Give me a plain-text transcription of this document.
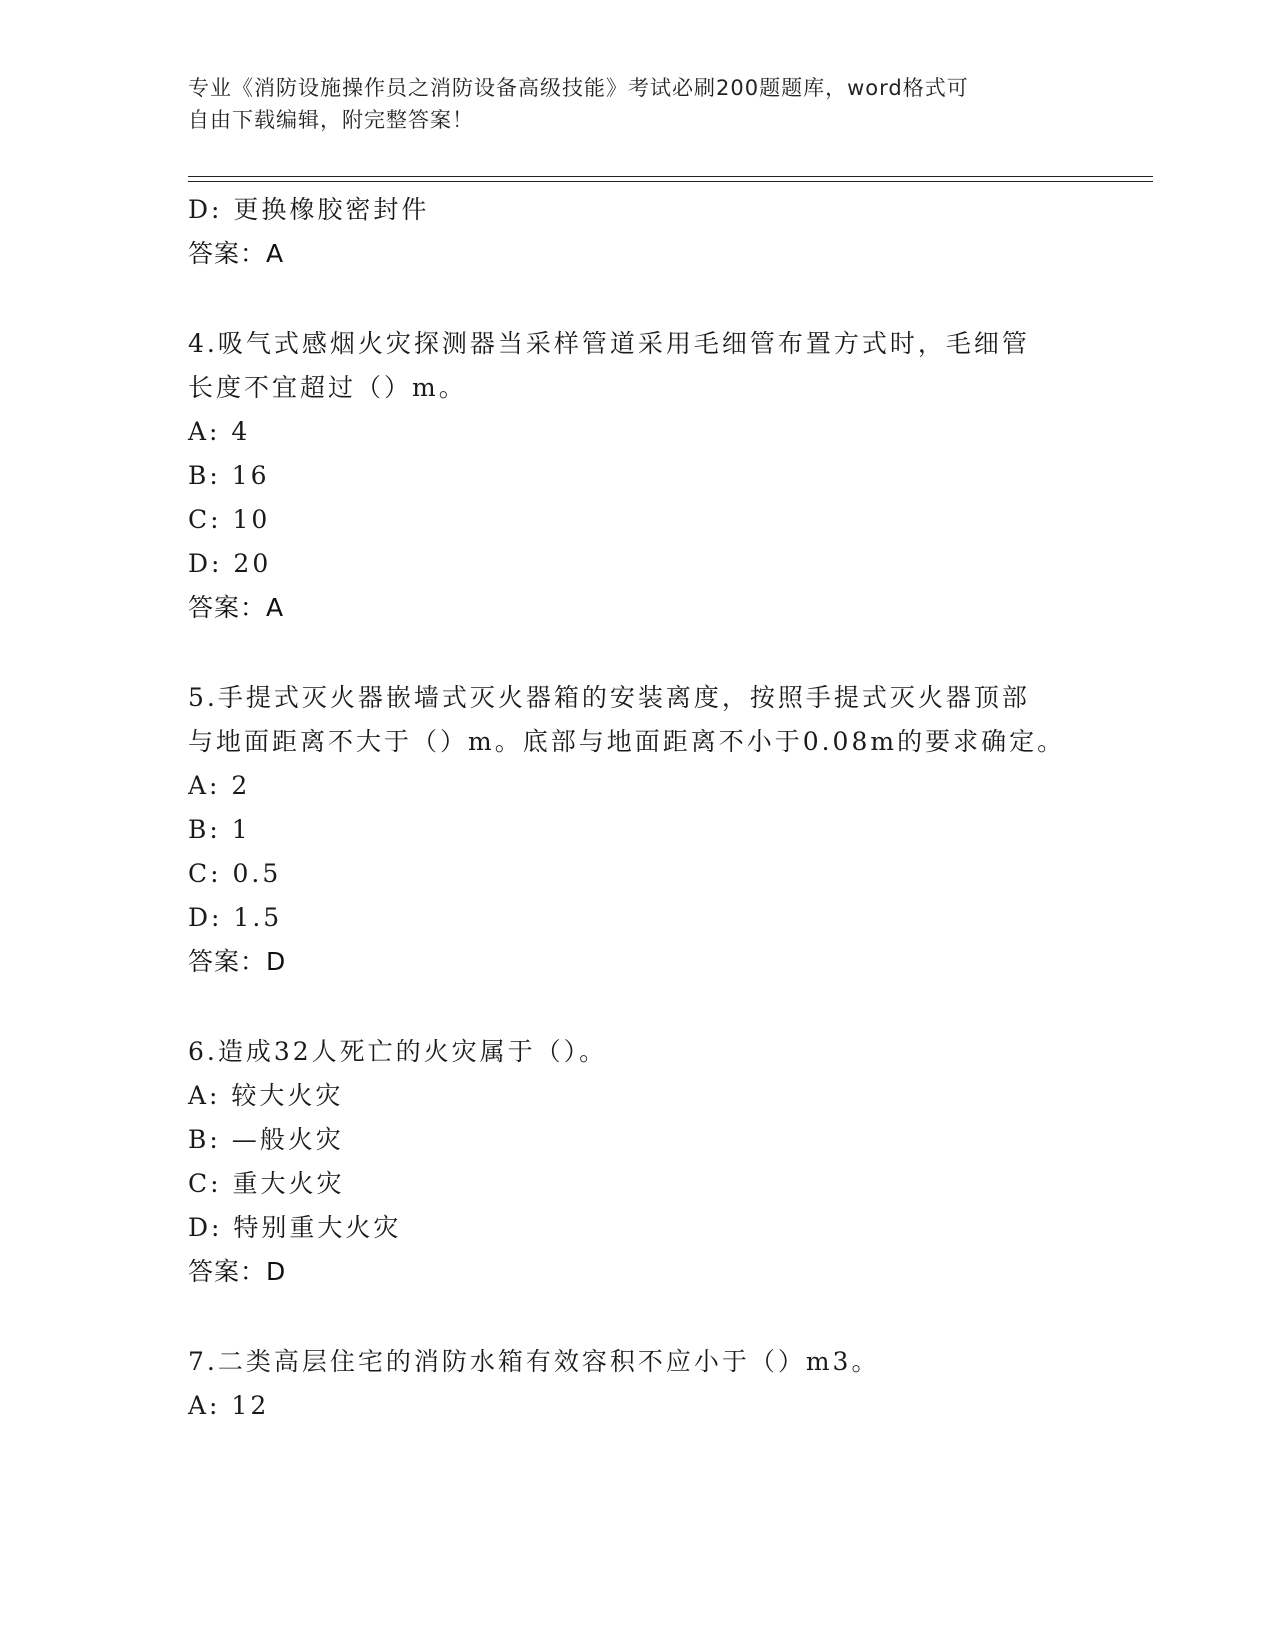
专业《消防设施操作员之消防设备高级技能》考试必刷200题题库，word格式可
自由下载编辑，附完整答案！
D: 更换橡胶密封件
答案：A
4.吸气式感烟火灾探测器当采样管道采用毛细管布置方式时，毛细管
长度不宜超过（）m。
A: 4
B: 16
C: 10
D: 20
答案：A
5.手提式灭火器嵌墙式灭火器箱的安装离度，按照手提式灭火器顶部
与地面距离不大于（）m。底部与地面距离不小于0.08m的要求确定。
A: 2
B: 1
C: 0.5
D: 1.5
答案：D
6.造成32人死亡的火灾属于（）。
A: 较大火灾
B: —般火灾
C: 重大火灾
D: 特别重大火灾
答案：D
7.二类高层住宅的消防水箱有效容积不应小于（）m3。
A: 12
